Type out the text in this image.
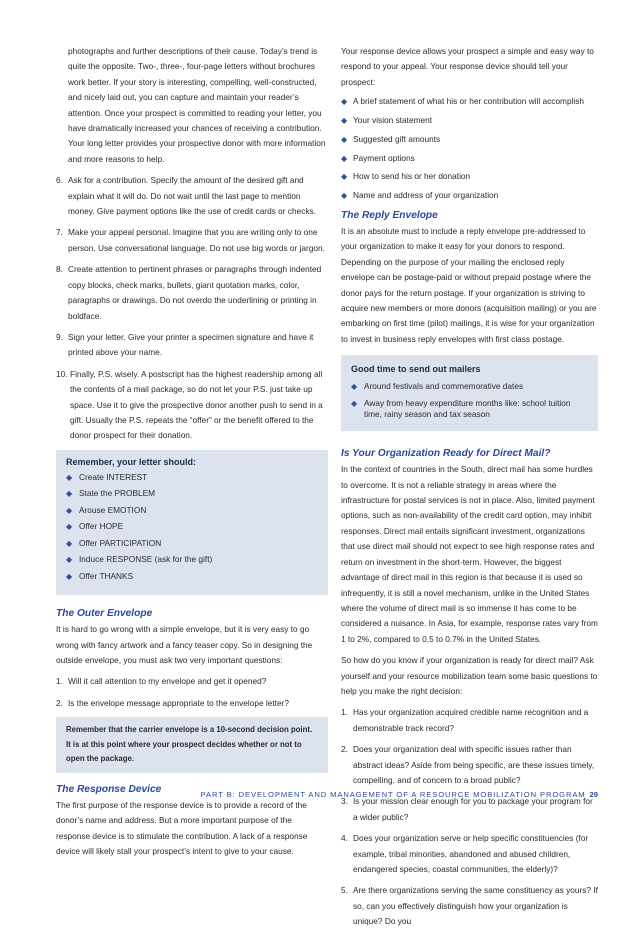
photographs and further descriptions of their cause. Today’s trend is

quite the opposite. Two-, three-, four-page letters without brochures

work better. If your story is interesting, compelling, well-constructed,

and nicely laid out, you can capture and maintain your reader’s

attention. Once your prospect is committed to reading your letter, you

have dramatically increased your chances of receiving a contribution.

Your long letter provides your prospective donor with more information

and more reasons to help.

6. Ask for a contribution. Specify the amount of the desired gift and explain what it will do. Do not wait until the last page to mention money. Give payment options like the use of credit cards or checks.
7. Make your appeal personal. Imagine that you are writing only to one person. Use conversational language. Do not use big words or jargon.
8. Create attention to pertinent phrases or paragraphs through indented copy blocks, check marks, bullets, giant quotation marks, color, paragraphs or drawings. Do not overdo the underlining or printing in boldface.
9. Sign your letter. Give your printer a specimen signature and have it printed above your name.
10. Finally, P.S. wisely. A postscript has the highest readership among all the contents of a mail package, so do not let your P.S. just take up space. Use it to give the prospective donor another push to send in a gift. Usually the P.S. repeats the “offer” or the benefit offered to the donor prospect for their donation.
Remember, your letter should:
◆ Create INTEREST
◆ State the PROBLEM
◆ Arouse EMOTION
◆ Offer HOPE
◆ Offer PARTICIPATION
◆ Induce RESPONSE (ask for the gift)
◆ Offer THANKS
The Outer Envelope

It is hard to go wrong with a simple envelope, but it is very easy to go wrong with fancy artwork and a fancy teaser copy. So in designing the outside envelope, you must ask two very important questions:

1. Will it call attention to my envelope and get it opened?
2. Is the envelope message appropriate to the envelope letter?
Remember that the carrier envelope is a 10-second decision point. It is at this point where your prospect decides whether or not to open the package.
The Response Device

The first purpose of the response device is to provide a record of the donor’s name and address. But a more important purpose of the response device is to stimulate the contribution. A lack of a response device will likely stall your prospect’s intent to give to your cause.

Your response device allows your prospect a simple and easy way to respond to your appeal. Your response device should tell your prospect:

◆ A brief statement of what his or her contribution will accomplish
◆ Your vision statement
◆ Suggested gift amounts
◆ Payment options
◆ How to send his or her donation
◆ Name and address of your organization
The Reply Envelope

It is an absolute must to include a reply envelope pre-addressed to your organization to make it easy for your donors to respond. Depending on the purpose of your mailing the enclosed reply envelope can be postage-paid or without prepaid postage where the donor pays for the return postage. If your organization is striving to acquire new members or more donors (acquisition mailing) or you are embarking on first time (pilot) mailings, it is wise for your organization to invest in business reply envelopes with first class postage.

Good time to send out mailers
◆ Around festivals and commemorative dates
◆ Away from heavy expenditure months like: school tuition time, rainy season and tax season
Is Your Organization Ready for Direct Mail?

In the context of countries in the South, direct mail has some hurdles to overcome. It is not a reliable strategy in areas where the infrastructure for postal services is not in place. Also, limited payment options, such as non-availability of the credit card option, may inhibit responses. Direct mail entails significant investment, organizations that use direct mail should not expect to see high response rates and return on investment in the short-term. However, the biggest advantage of direct mail in this region is that because it is used so infrequently, it is still a novel mechanism, unlike in the United States where the volume of direct mail is so immense it has come to be considered a nuisance. In Asia, for example, response rates vary from 1 to 2%, compared to 0.5 to 0.7% in the United States.

So how do you know if your organization is ready for direct mail? Ask yourself and your resource mobilization team some basic questions to help you make the right decision:

1. Has your organization acquired credible name recognition and a demonstrable track record?
2. Does your organization deal with specific issues rather than abstract ideas? Aside from being specific, are these issues timely, compelling, and of concern to a broad public?
3. Is your mission clear enough for you to package your program for a wider public?
4. Does your organization serve or help specific constituencies (for example, tribal minorities, abandoned and abused children, endangered species, coastal communities, the elderly)?
5. Are there organizations serving the same constituency as yours? If so, can you effectively distinguish how your organization is unique? Do you
PART B: DEVELOPMENT AND MANAGEMENT OF A RESOURCE MOBILIZATION PROGRAM 29
